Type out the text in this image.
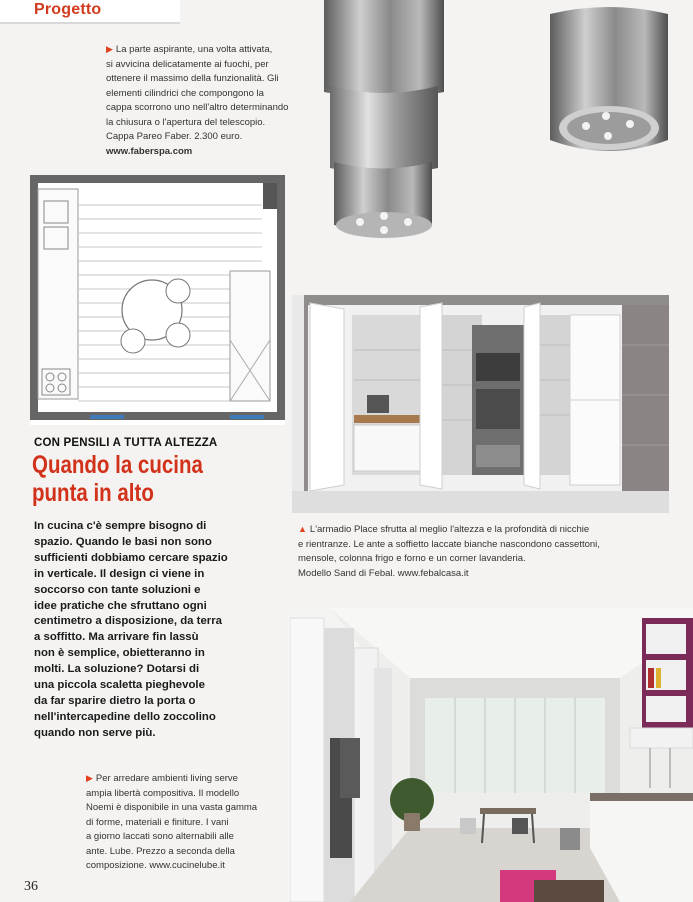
Progetto
▶ La parte aspirante, una volta attivata,
si avvicina delicatamente ai fuochi, per
ottenere il massimo della funzionalità. Gli
elementi cilindrici che compongono la
cappa scorrono uno nell'altro determinando
la chiusura o l'apertura del telescopio.
Cappa Pareo Faber. 2.300 euro.
www.faberspa.com
CON PENSILI A TUTTA ALTEZZA
Quando la cucina
punta in alto
In cucina c'è sempre bisogno di
spazio. Quando le basi non sono
sufficienti dobbiamo cercare spazio
in verticale. Il design ci viene in
soccorso con tante soluzioni e
idee pratiche che sfruttano ogni
centimetro a disposizione, da terra
a soffitto. Ma arrivare fin lassù
non è semplice, obietteranno in
molti. La soluzione? Dotarsi di
una piccola scaletta pieghevole
da far sparire dietro la porta o
nell'intercapedine dello zoccolino
quando non serve più.
▲ L'armadio Place sfrutta al meglio l'altezza e la profondità di nicchie
e rientranze. Le ante a soffietto laccate bianche nascondono cassettoni,
mensole, colonna frigo e forno e un corner lavanderia.
Modello Sand di Febal. www.febalcasa.it
▶ Per arredare ambienti living serve
ampia libertà compositiva. Il modello
Noemi è disponibile in una vasta gamma
di forme, materiali e finiture. I vani
a giorno laccati sono alternabili alle
ante. Lube. Prezzo a seconda della
composizione. www.cucinelube.it
36
